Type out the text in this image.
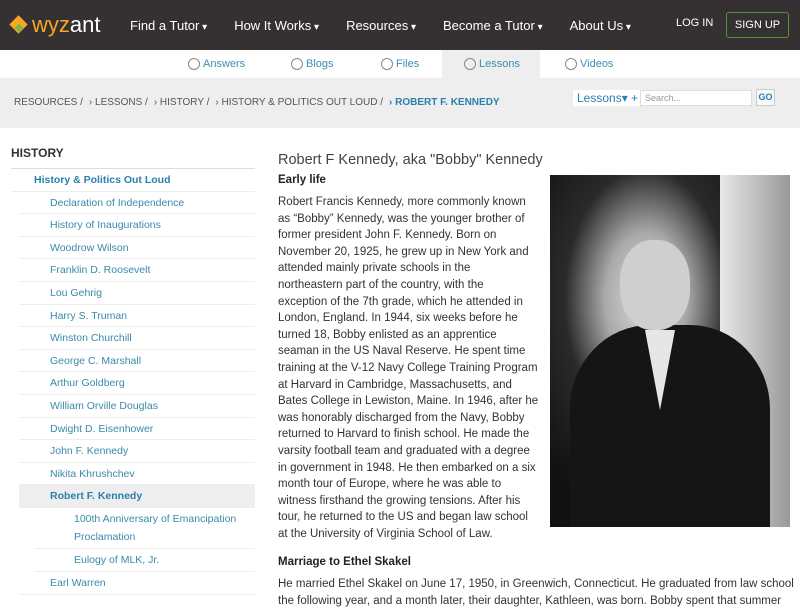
wyzant Find a Tutor ▾	How It Works ▾	Resources ▾	Become a Tutor ▾	About Us ▾	LOG IN	SIGN UP
Answers	Blogs	Files	Lessons	Videos
RESOURCES / › LESSONS / › HISTORY / › HISTORY & POLITICS OUT LOUD / › ROBERT F. KENNEDY	Lessons▾ + Search...	GO
HISTORY
History & Politics Out Loud
Declaration of Independence
History of Inaugurations
Woodrow Wilson
Franklin D. Roosevelt
Lou Gehrig
Harry S. Truman
Winston Churchill
George C. Marshall
Arthur Goldberg
William Orville Douglas
Dwight D. Eisenhower
John F. Kennedy
Nikita Khrushchev
Robert F. Kennedy
100th Anniversary of Emancipation Proclamation
Eulogy of MLK, Jr.
Earl Warren
Robert F Kennedy, aka "Bobby" Kennedy
Early life
Robert Francis Kennedy, more commonly known
as “Bobby” Kennedy, was the younger brother of
former president John F. Kennedy. Born on
November 20, 1925, he grew up in New York and
attended mainly private schools in the
northeastern part of the country, with the
exception of the 7th grade, which he attended in
London, England. In 1944, six weeks before he
turned 18, Bobby enlisted as an apprentice
seaman in the US Naval Reserve. He spent time
training at the V-12 Navy College Training Program
at Harvard in Cambridge, Massachusetts, and
Bates College in Lewiston, Maine. In 1946, after he
was honorably discharged from the Navy, Bobby
returned to Harvard to finish school. He made the
varsity football team and graduated with a degree
in government in 1948. He then embarked on a six
month tour of Europe, where he was able to
witness firsthand the growing tensions. After his
tour, he returned to the US and began law school
at the University of Virginia School of Law.
Marriage to Ethel Skakel
He married Ethel Skakel on June 17, 1950, in Greenwich, Connecticut. He graduated from law school
the following year, and a month later, their daughter, Kathleen, was born. Bobby spent that summer
